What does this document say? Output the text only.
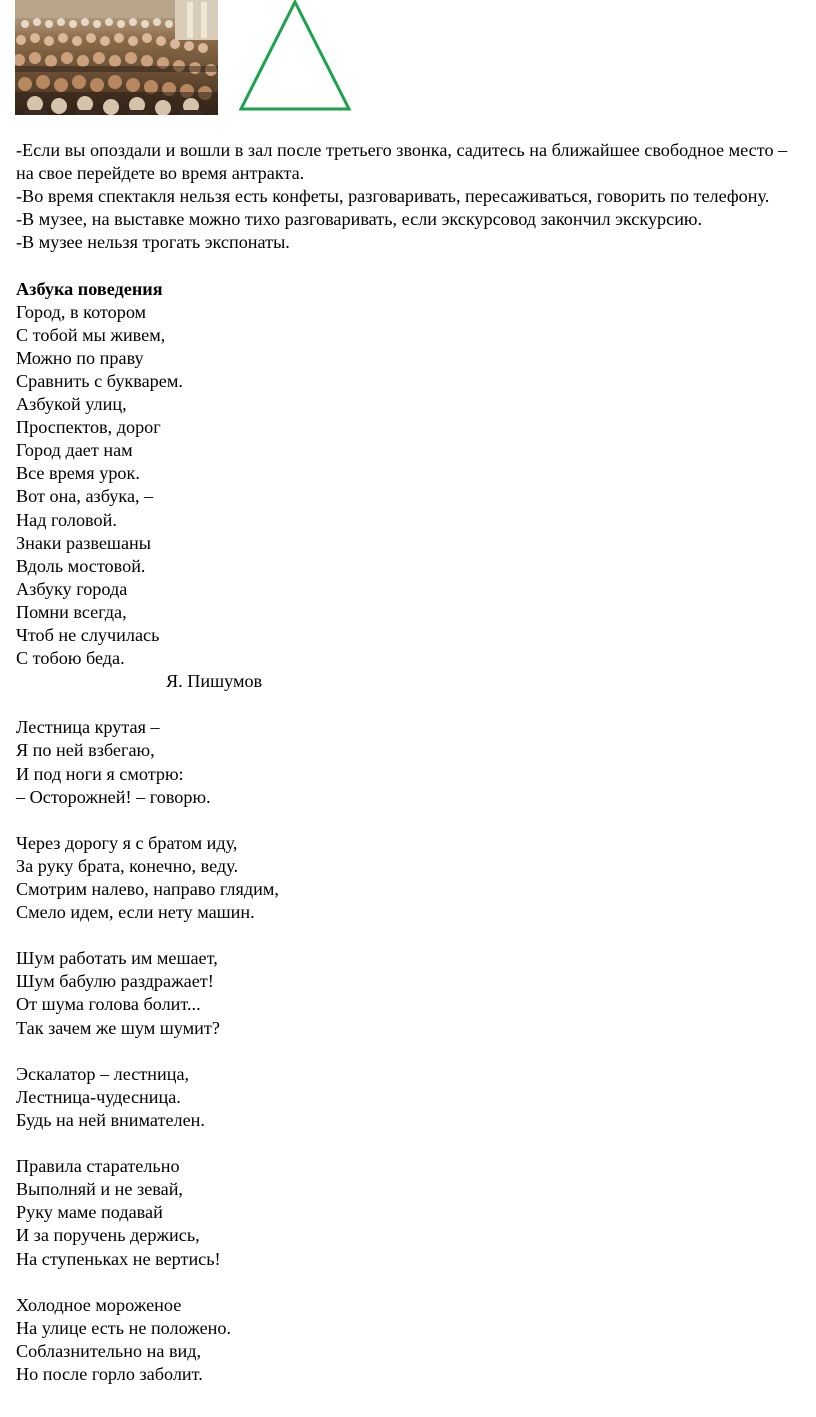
-Если вы опоздали и вошли в зал после третьего звонка, садитесь на ближайшее свободное место – на свое перейдете во время антракта.
-Во время спектакля нельзя есть конфеты, разговаривать, пересаживаться, говорить по телефону.
-В музее, на выставке можно тихо разговаривать, если экскурсовод закончил экскурсию.
-В музее нельзя трогать экспонаты.
Азбука поведения
Город, в котором
С тобой мы живем,
Можно по праву
Сравнить с букварем.
Азбукой улиц,
Проспектов, дорог
Город дает нам
Все время урок.
Вот она, азбука, –
Над головой.
Знаки развешаны
Вдоль мостовой.
Азбуку города
Помни всегда,
Чтоб не случилась
С тобою беда.
Я. Пишумов
Лестница крутая –
Я по ней взбегаю,
И под ноги я смотрю:
– Осторожней! – говорю.
Через дорогу я с братом иду,
За руку брата, конечно, веду.
Смотрим налево, направо глядим,
Смело идем, если нету машин.
Шум работать им мешает,
Шум бабулю раздражает!
От шума голова болит...
Так зачем же шум шумит?
Эскалатор – лестница,
Лестница-чудесница.
Будь на ней внимателен.
Правила старательно
Выполняй и не зевай,
Руку маме подавай
И за поручень держись,
На ступеньках не вертись!
Холодное мороженое
На улице есть не положено.
Соблазнительно на вид,
Но после горло заболит.
